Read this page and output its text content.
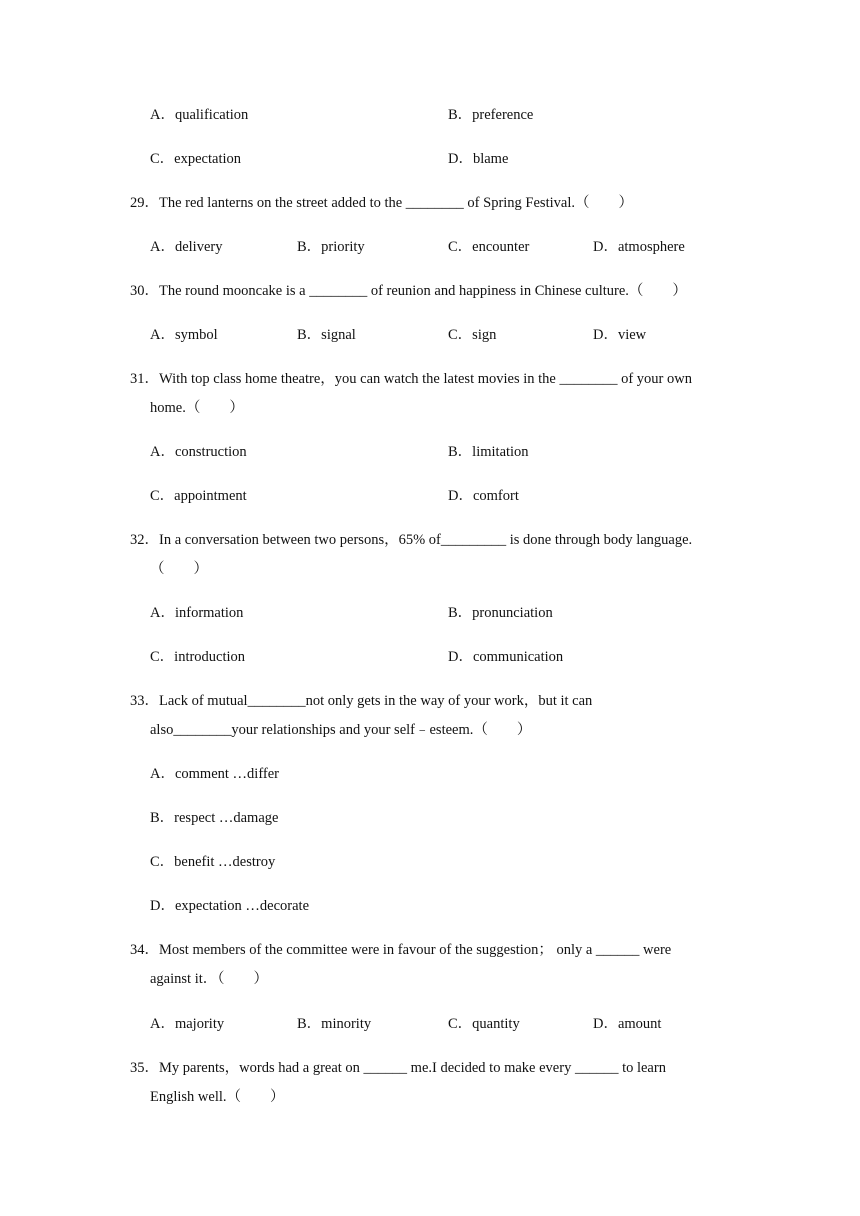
A．qualification	B．preference
C．expectation	D．blame
29．The red lanterns on the street added to the ________ of Spring Festival.（　　）
A．delivery	B．priority	C．encounter	D．atmosphere
30．The round mooncake is a ________ of reunion and happiness in Chinese culture.（　　）
A．symbol	B．signal	C．sign	D．view
31．With top class home theatre，you can watch the latest movies in the ________ of your own
home.（　　）
A．construction	B．limitation
C．appointment	D．comfort
32．In a conversation between two persons，65% of_________ is done through body language.
（　　）
A．information	B．pronunciation
C．introduction	D．communication
33．Lack of mutual________not only gets in the way of your work，but it can
also________your relationships and your self﹣esteem.（　　）
A．comment …differ
B．respect …damage
C．benefit …destroy
D．expectation …decorate
34．Most members of the committee were in favour of the suggestion； only a ______ were
against it．（　　）
A．majority	B．minority	C．quantity	D．amount
35．My parents，words had a great on ______ me.I decided to make every ______ to learn
English well.（　　）
